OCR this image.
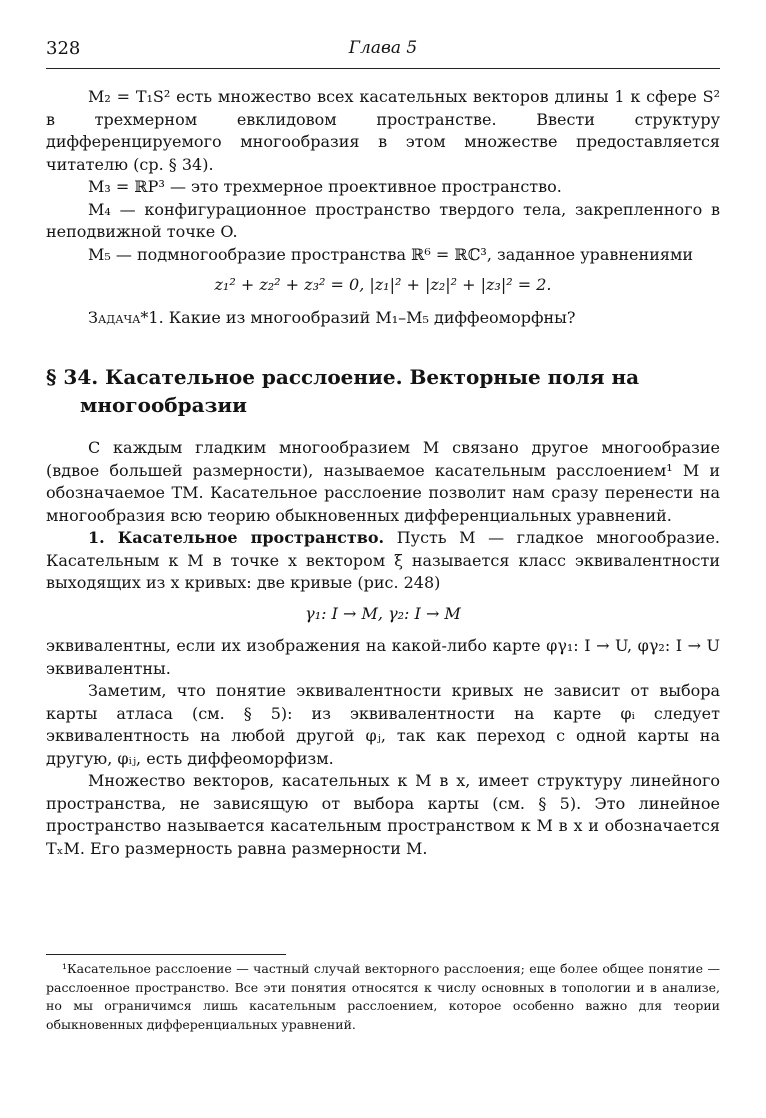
328	Глава 5

M₂ = T₁S² есть множество всех касательных векторов длины 1 к сфере S² в трехмерном евклидовом пространстве. Ввести структуру дифференцируемого многообразия в этом множестве предоставляется читателю (ср. § 34).

M₃ = ℝP³ — это трехмерное проективное пространство.

M₄ — конфигурационное пространство твердого тела, закрепленного в неподвижной точке O.

M₅ — подмногообразие пространства ℝ⁶ = ℝℂ³, заданное уравнениями

z₁² + z₂² + z₃² = 0, |z₁|² + |z₂|² + |z₃|² = 2.

Задача*1. Какие из многообразий M₁–M₅ диффеоморфны?

§ 34. Касательное расслоение. Векторные поля на многообразии

С каждым гладким многообразием M связано другое многообразие (вдвое большей размерности), называемое касательным расслоением¹ M и обозначаемое TM. Касательное расслоение позволит нам сразу перенести на многообразия всю теорию обыкновенных дифференциальных уравнений.

1. Касательное пространство. Пусть M — гладкое многообразие. Касательным к M в точке x вектором ξ называется класс эквивалентности выходящих из x кривых: две кривые (рис. 248)

γ₁: I → M, γ₂: I → M

эквивалентны, если их изображения на какой-либо карте φγ₁: I → U, φγ₂: I → U эквивалентны.

Заметим, что понятие эквивалентности кривых не зависит от выбора карты атласа (см. § 5): из эквивалентности на карте φᵢ следует эквивалентность на любой другой φⱼ, так как переход с одной карты на другую, φᵢⱼ, есть диффеоморфизм.

Множество векторов, касательных к M в x, имеет структуру линейного пространства, не зависящую от выбора карты (см. § 5). Это линейное пространство называется касательным пространством к M в x и обозначается TₓM. Его размерность равна размерности M.

¹Касательное расслоение — частный случай векторного расслоения; еще более общее понятие — расслоенное пространство. Все эти понятия относятся к числу основных в топологии и в анализе, но мы ограничимся лишь касательным расслоением, которое особенно важно для теории обыкновенных дифференциальных уравнений.
